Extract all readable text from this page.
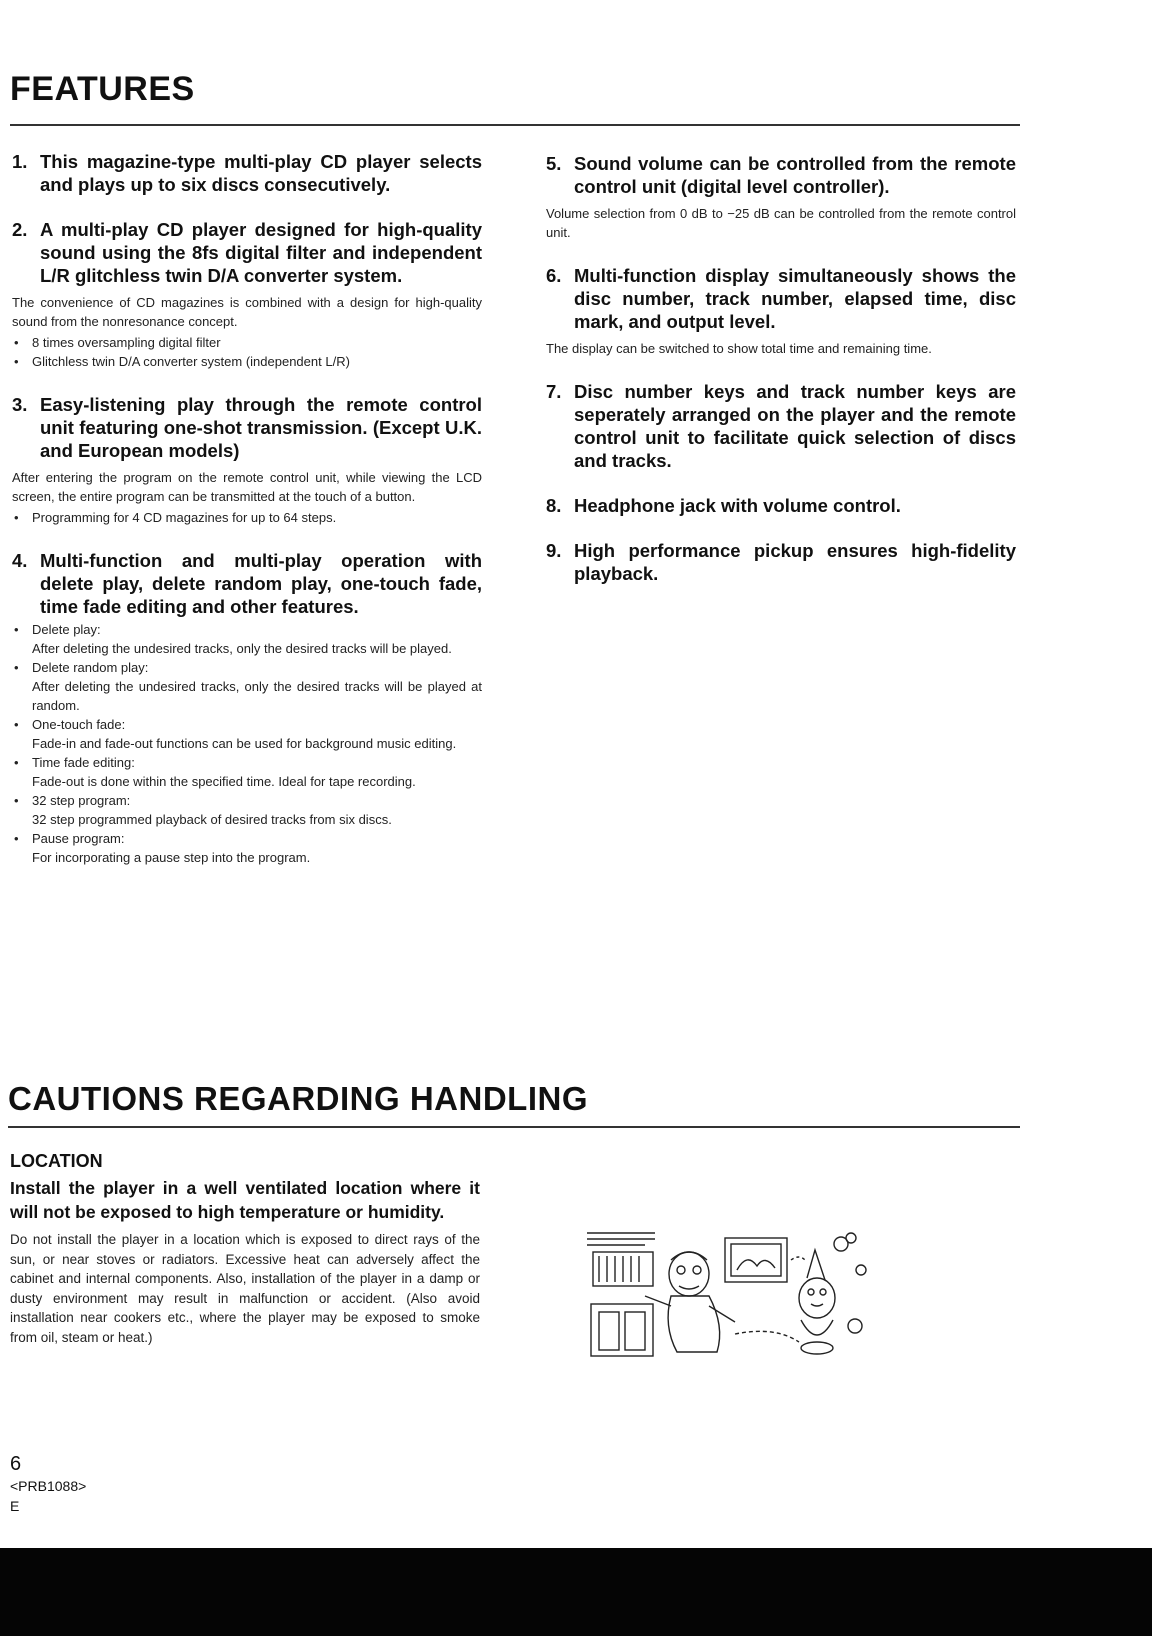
FEATURES
1. This magazine-type multi-play CD player selects and plays up to six discs consecutively.
2. A multi-play CD player designed for high-quality sound using the 8fs digital filter and independent L/R glitchless twin D/A converter system.
The convenience of CD magazines is combined with a design for high-quality sound from the nonresonance concept.
• 8 times oversampling digital filter
• Glitchless twin D/A converter system (independent L/R)
3. Easy-listening play through the remote control unit featuring one-shot transmission. (Except U.K. and European models)
After entering the program on the remote control unit, while viewing the LCD screen, the entire program can be transmitted at the touch of a button.
• Programming for 4 CD magazines for up to 64 steps.
4. Multi-function and multi-play operation with delete play, delete random play, one-touch fade, time fade editing and other features.
• Delete play:
After deleting the undesired tracks, only the desired tracks will be played.
• Delete random play:
After deleting the undesired tracks, only the desired tracks will be played at random.
• One-touch fade:
Fade-in and fade-out functions can be used for background music editing.
• Time fade editing:
Fade-out is done within the specified time. Ideal for tape recording.
• 32 step program:
32 step programmed playback of desired tracks from six discs.
• Pause program:
For incorporating a pause step into the program.
5. Sound volume can be controlled from the remote control unit (digital level controller).
Volume selection from 0 dB to −25 dB can be controlled from the remote control unit.
6. Multi-function display simultaneously shows the disc number, track number, elapsed time, disc mark, and output level.
The display can be switched to show total time and remaining time.
7. Disc number keys and track number keys are seperately arranged on the player and the remote control unit to facilitate quick selection of discs and tracks.
8. Headphone jack with volume control.
9. High performance pickup ensures high-fidelity playback.
CAUTIONS REGARDING HANDLING
LOCATION
Install the player in a well ventilated location where it will not be exposed to high temperature or humidity.
Do not install the player in a location which is exposed to direct rays of the sun, or near stoves or radiators. Excessive heat can adversely affect the cabinet and internal components. Also, installation of the player in a damp or dusty environment may result in malfunction or accident. (Also avoid installation near cookers etc., where the player may be exposed to smoke from oil, steam or heat.)
6
<PRB1088>
E
